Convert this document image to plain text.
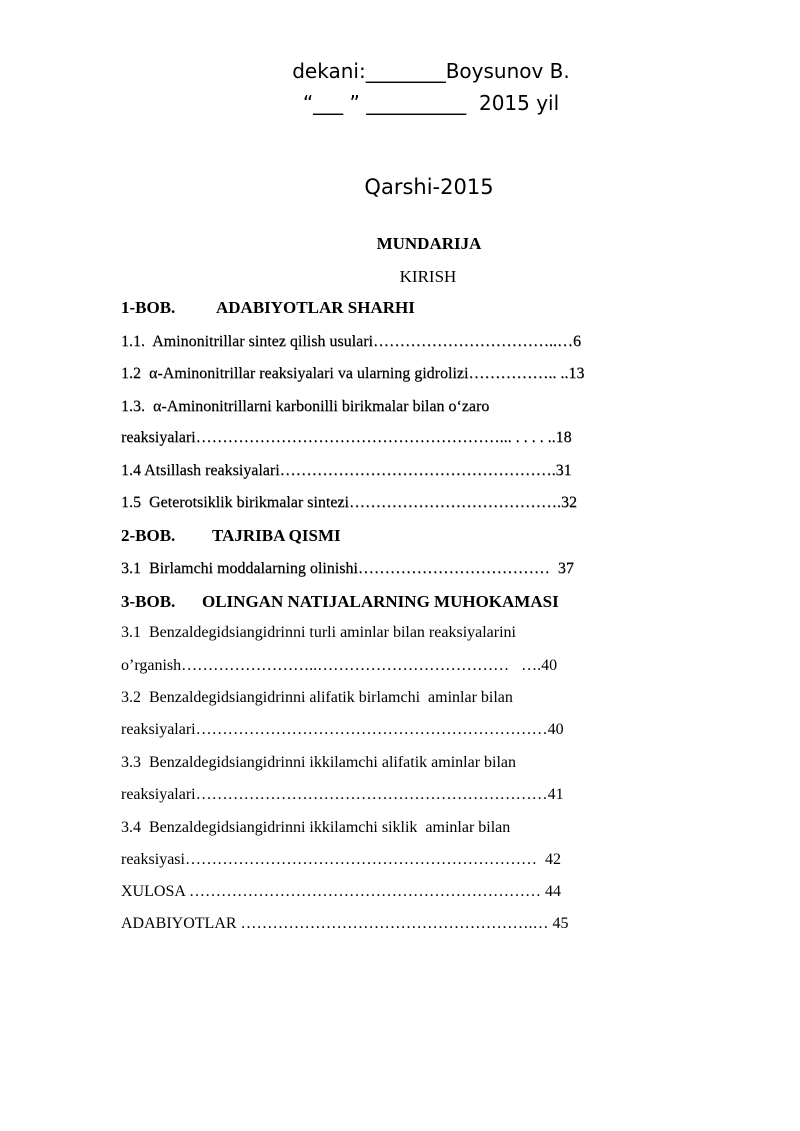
dekani:________Boysunov B.

“___ ” __________  2015 yil

Qarshi-2015

MUNDARIJA

KIRISH

1-BOB. ADABIYOTLAR SHARHI

1.1.  Aminonitrillar sintez qilish usulari……………………………..…6

1.2  α-Aminonitrillar reaksiyalari va ularning gidrolizi…………….. ..13

1.3.  α-Aminonitrillarni karbonilli birikmalar bilan o‘zaro

reaksiyalari…………………………………………………... . . . . ..18

1.4 Atsillash reaksiyalari…………………………………………….31

1.5  Geterotsiklik birikmalar sintezi………………………………….32

2-BOB. TAJRIBA QISMI

3.1  Birlamchi moddalarning olinishi………………………………  37

3-BOB. OLINGAN NATIJALARNING MUHOKAMASI

3.1  Benzaldegidsiangidrinni turli aminlar bilan reaksiyalarini

o’rganish……………………..………………………………   ….40

3.2  Benzaldegidsiangidrinni alifatik birlamchi  aminlar bilan

reaksiyalari…………………………………………………………40

3.3  Benzaldegidsiangidrinni ikkilamchi alifatik aminlar bilan

reaksiyalari…………………………………………………………41

3.4  Benzaldegidsiangidrinni ikkilamchi siklik  aminlar bilan

reaksiyasi…………………………………………………………  42

XULOSA ………………………………………………………… 44

ADABIYOTLAR ……………………………………………….… 45
